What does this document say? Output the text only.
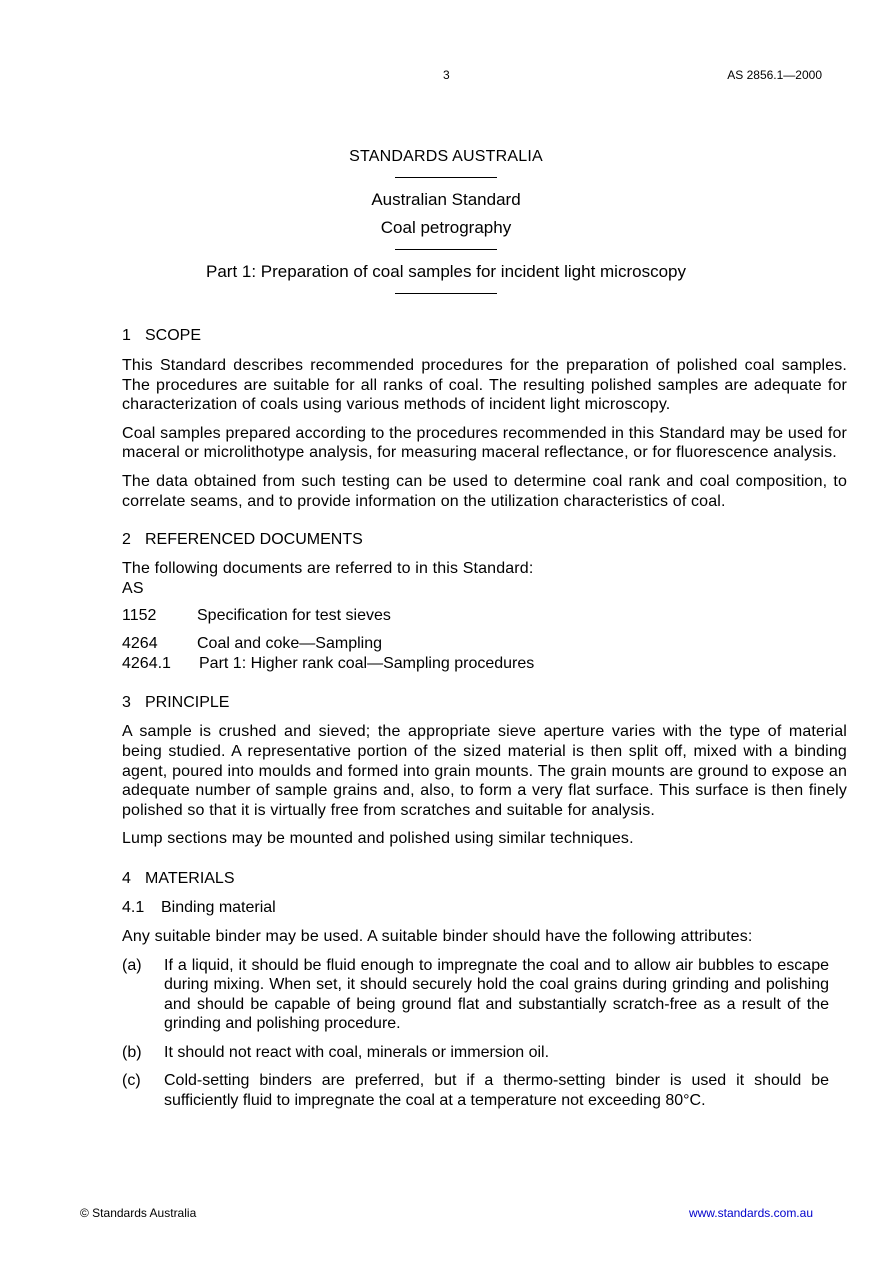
3	AS 2856.1—2000
STANDARDS AUSTRALIA
Australian Standard
Coal petrography
Part 1: Preparation of coal samples for incident light microscopy
1 SCOPE

This Standard describes recommended procedures for the preparation of polished coal samples. The procedures are suitable for all ranks of coal. The resulting polished samples are adequate for characterization of coals using various methods of incident light microscopy.

Coal samples prepared according to the procedures recommended in this Standard may be used for maceral or microlithotype analysis, for measuring maceral reflectance, or for fluorescence analysis.

The data obtained from such testing can be used to determine coal rank and coal composition, to correlate seams, and to provide information on the utilization characteristics of coal.

2 REFERENCED DOCUMENTS

The following documents are referred to in this Standard:

AS

1152	Specification for test sieves
4264 Coal and coke—Sampling
4264.1 Part 1: Higher rank coal—Sampling procedures
3 PRINCIPLE

A sample is crushed and sieved; the appropriate sieve aperture varies with the type of material being studied. A representative portion of the sized material is then split off, mixed with a binding agent, poured into moulds and formed into grain mounts. The grain mounts are ground to expose an adequate number of sample grains and, also, to form a very flat surface. This surface is then finely polished so that it is virtually free from scratches and suitable for analysis.

Lump sections may be mounted and polished using similar techniques.

4 MATERIALS
4.1 Binding material

Any suitable binder may be used. A suitable binder should have the following attributes:

(a)	If a liquid, it should be fluid enough to impregnate the coal and to allow air bubbles to escape during mixing. When set, it should securely hold the coal grains during grinding and polishing and should be capable of being ground flat and substantially scratch-free as a result of the grinding and polishing procedure.
(b)	It should not react with coal, minerals or immersion oil.
(c)	Cold-setting binders are preferred, but if a thermo-setting binder is used it should be sufficiently fluid to impregnate the coal at a temperature not exceeding 80°C.
© Standards Australia	www.standards.com.au
